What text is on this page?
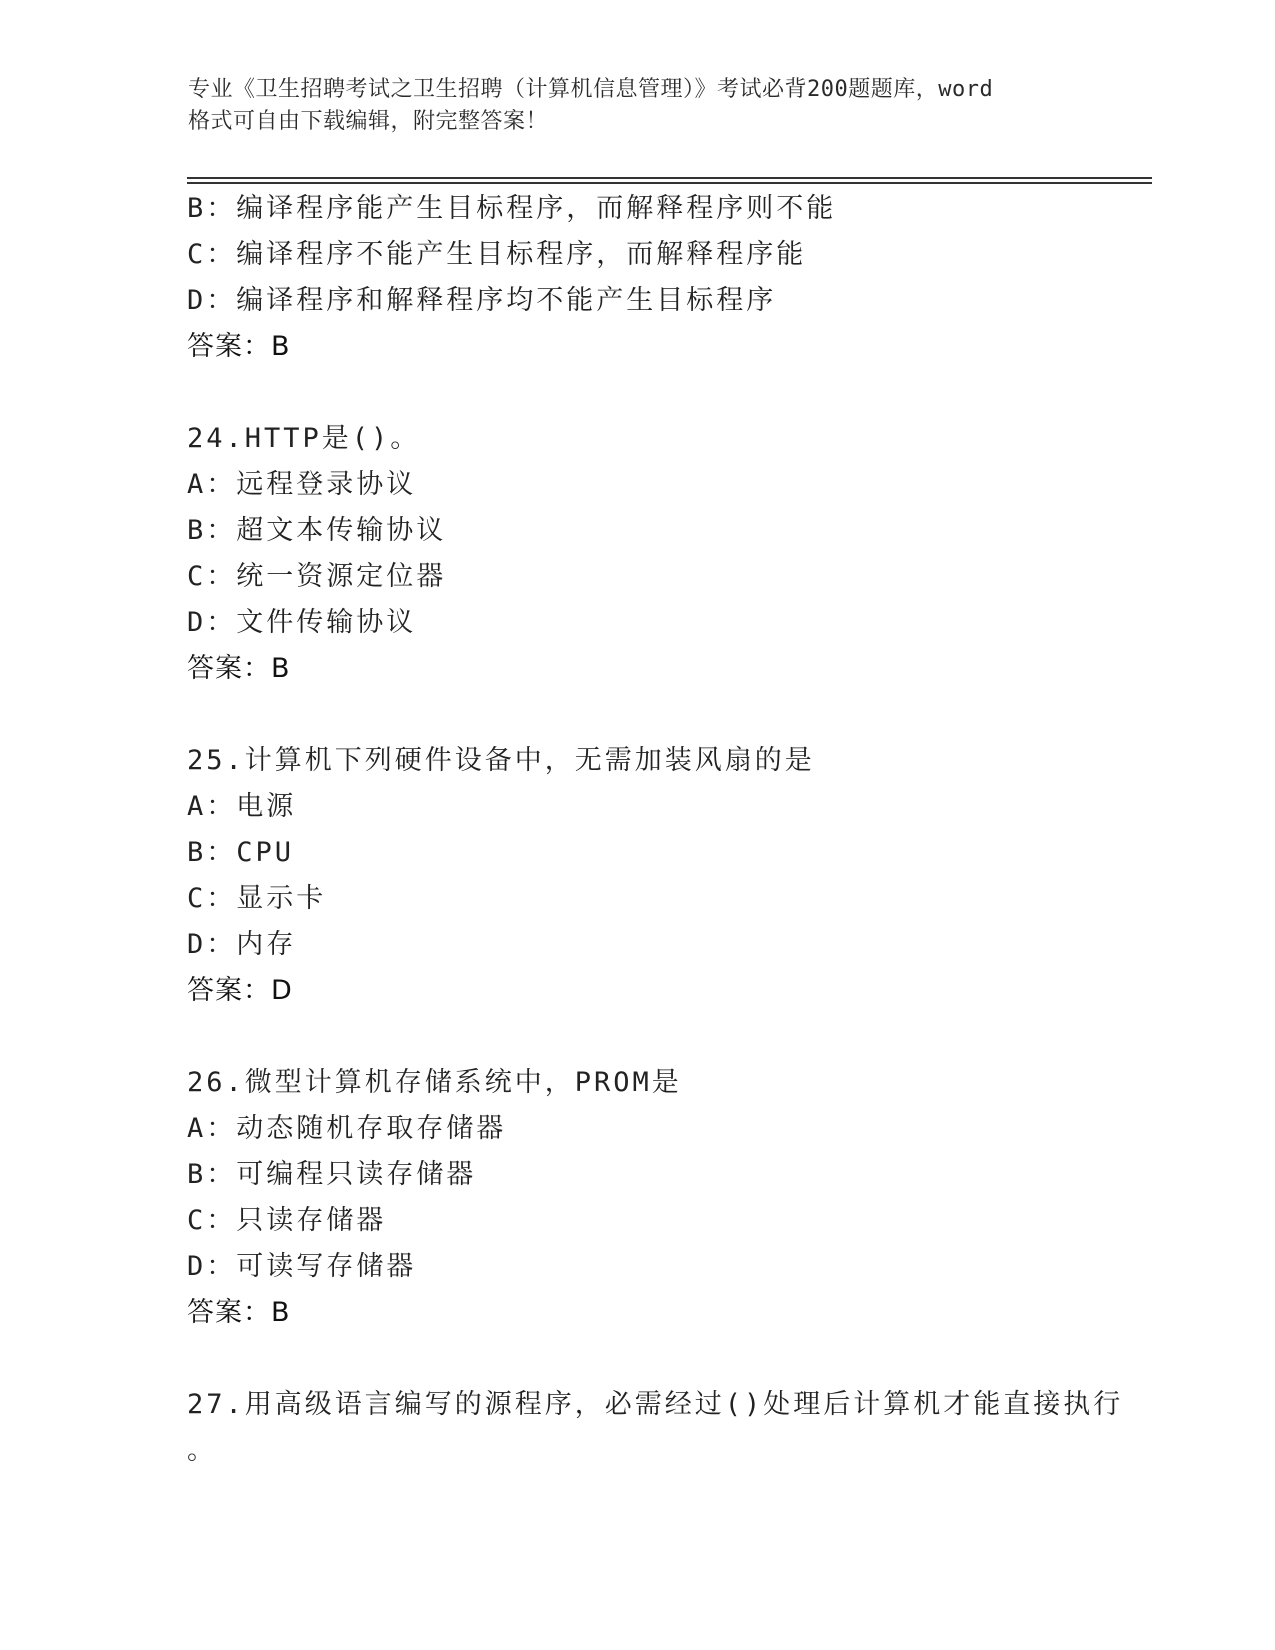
专业《卫生招聘考试之卫生招聘（计算机信息管理）》考试必背200题题库，word
格式可自由下载编辑，附完整答案！
B：编译程序能产生目标程序，而解释程序则不能
C：编译程序不能产生目标程序，而解释程序能
D：编译程序和解释程序均不能产生目标程序
答案：B
24.HTTP是()。
A：远程登录协议
B：超文本传输协议
C：统一资源定位器
D：文件传输协议
答案：B
25.计算机下列硬件设备中，无需加装风扇的是
A：电源
B：CPU
C：显示卡
D：内存
答案：D
26.微型计算机存储系统中，PROM是
A：动态随机存取存储器
B：可编程只读存储器
C：只读存储器
D：可读写存储器
答案：B
27.用高级语言编写的源程序，必需经过()处理后计算机才能直接执行
。
